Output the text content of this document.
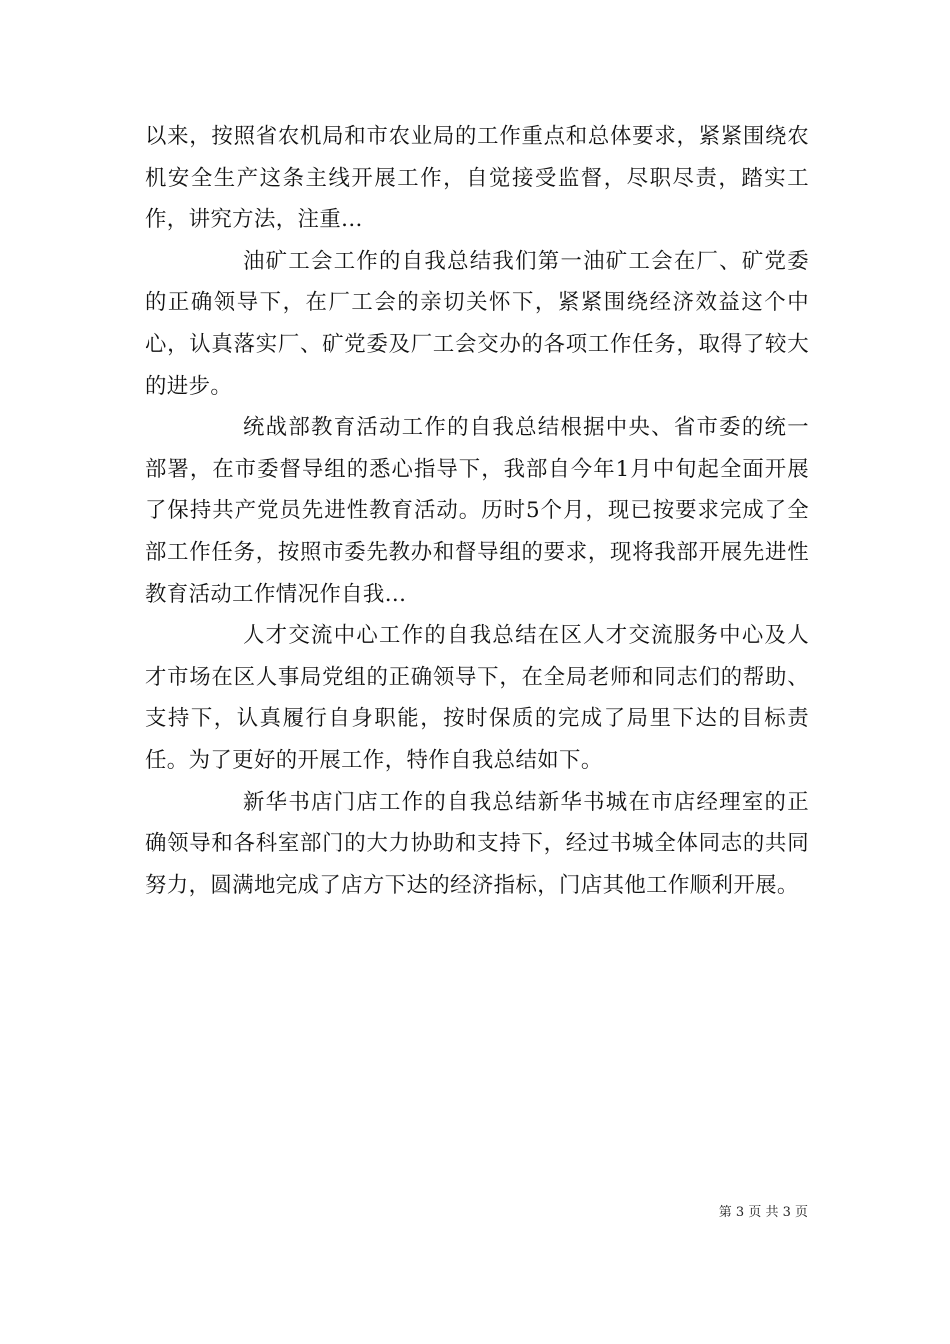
以来，按照省农机局和市农业局的工作重点和总体要求，紧紧围绕农机安全生产这条主线开展工作，自觉接受监督，尽职尽责，踏实工作，讲究方法，注重...

油矿工会工作的自我总结我们第一油矿工会在厂、矿党委的正确领导下，在厂工会的亲切关怀下，紧紧围绕经济效益这个中心，认真落实厂、矿党委及厂工会交办的各项工作任务，取得了较大的进步。

统战部教育活动工作的自我总结根据中央、省市委的统一部署，在市委督导组的悉心指导下，我部自今年1月中旬起全面开展了保持共产党员先进性教育活动。历时5个月，现已按要求完成了全部工作任务，按照市委先教办和督导组的要求，现将我部开展先进性教育活动工作情况作自我...

人才交流中心工作的自我总结在区人才交流服务中心及人才市场在区人事局党组的正确领导下，在全局老师和同志们的帮助、支持下，认真履行自身职能，按时保质的完成了局里下达的目标责任。为了更好的开展工作，特作自我总结如下。

新华书店门店工作的自我总结新华书城在市店经理室的正确领导和各科室部门的大力协助和支持下，经过书城全体同志的共同努力，圆满地完成了店方下达的经济指标，门店其他工作顺利开展。

第 3 页 共 3 页
